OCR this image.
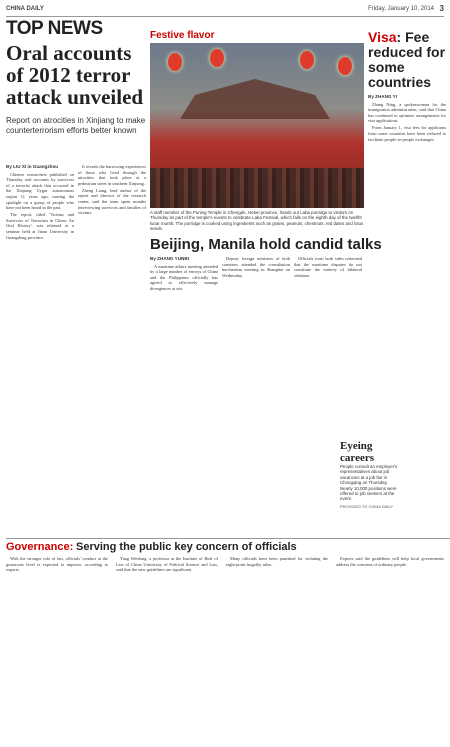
CHINA DAILY	Friday, January 10, 2014 3
TOP NEWS
Oral accounts of 2012 terror attack unveiled
Report on atrocities in Xinjiang to make counterterrorism efforts better known
By LIU XI in Guangzhou

Chinese researchers published on Thursday oral accounts by survivors of a terrorist attack that occurred in the Xinjiang Uygur autonomous region 11 years ago, turning the spotlight on a group of people who have not been heard in the past.

The report, titled 'Victims and Survivors of Terrorism in China: An Oral History', was released at a seminar held at Jinan University in Guangdong province.

It reveals the harrowing experiences of those who lived through the atrocities that took place at a pedestrian street in southern Xinjiang.

Zheng Liang, lead author of the report and director of the research center, said the team spent months interviewing survivors and families of victims.

Festive flavor
A staff member of the Puning Temple in Chengde, Hebei province, hands out Laba porridge to visitors on Thursday as part of the temple's events to celebrate Laba Festival, which falls on the eighth day of the twelfth lunar month. The porridge is cooked using ingredients such as grains, peanuts, chestnuts, red dates and lotus seeds.
Beijing, Manila hold candid talks
By ZHANG YUNBI

A maritime affairs meeting attended by a large number of envoys of China and the Philippines officially has agreed to effectively manage divergences at sea.

Deputy foreign ministers of both countries attended the consultation mechanism meeting in Shanghai on Wednesday.

Officials from both sides reiterated that the maritime disputes do not constitute the entirety of bilateral relations.

Visa: Fee reduced for some countries
By ZHANG YI

Zhang Ning, a spokeswoman for the immigration administration, said that China has continued to optimize arrangements for visa applications.

From January 1, visa fees for applicants from some countries have been reduced to facilitate people-to-people exchanges.

Eyeing careers
People consult an employer's representatives about job vacancies at a job fair in Chongqing on Thursday. Nearly 10,000 positions were offered to job seekers at the event.
PROVIDED TO CHINA DAILY
Governance: Serving the public key concern of officials

With the stronger role of law, officials' conduct at the grassroots level is expected to improve, according to experts.

Yang Weidong, a professor at the Institute of Rule of Law of China University of Political Science and Law, said that the new guidelines are significant.

Many officials have been punished for violating the eight-point frugality rules.

Experts said the guidelines will help local governments address the concerns of ordinary people.
